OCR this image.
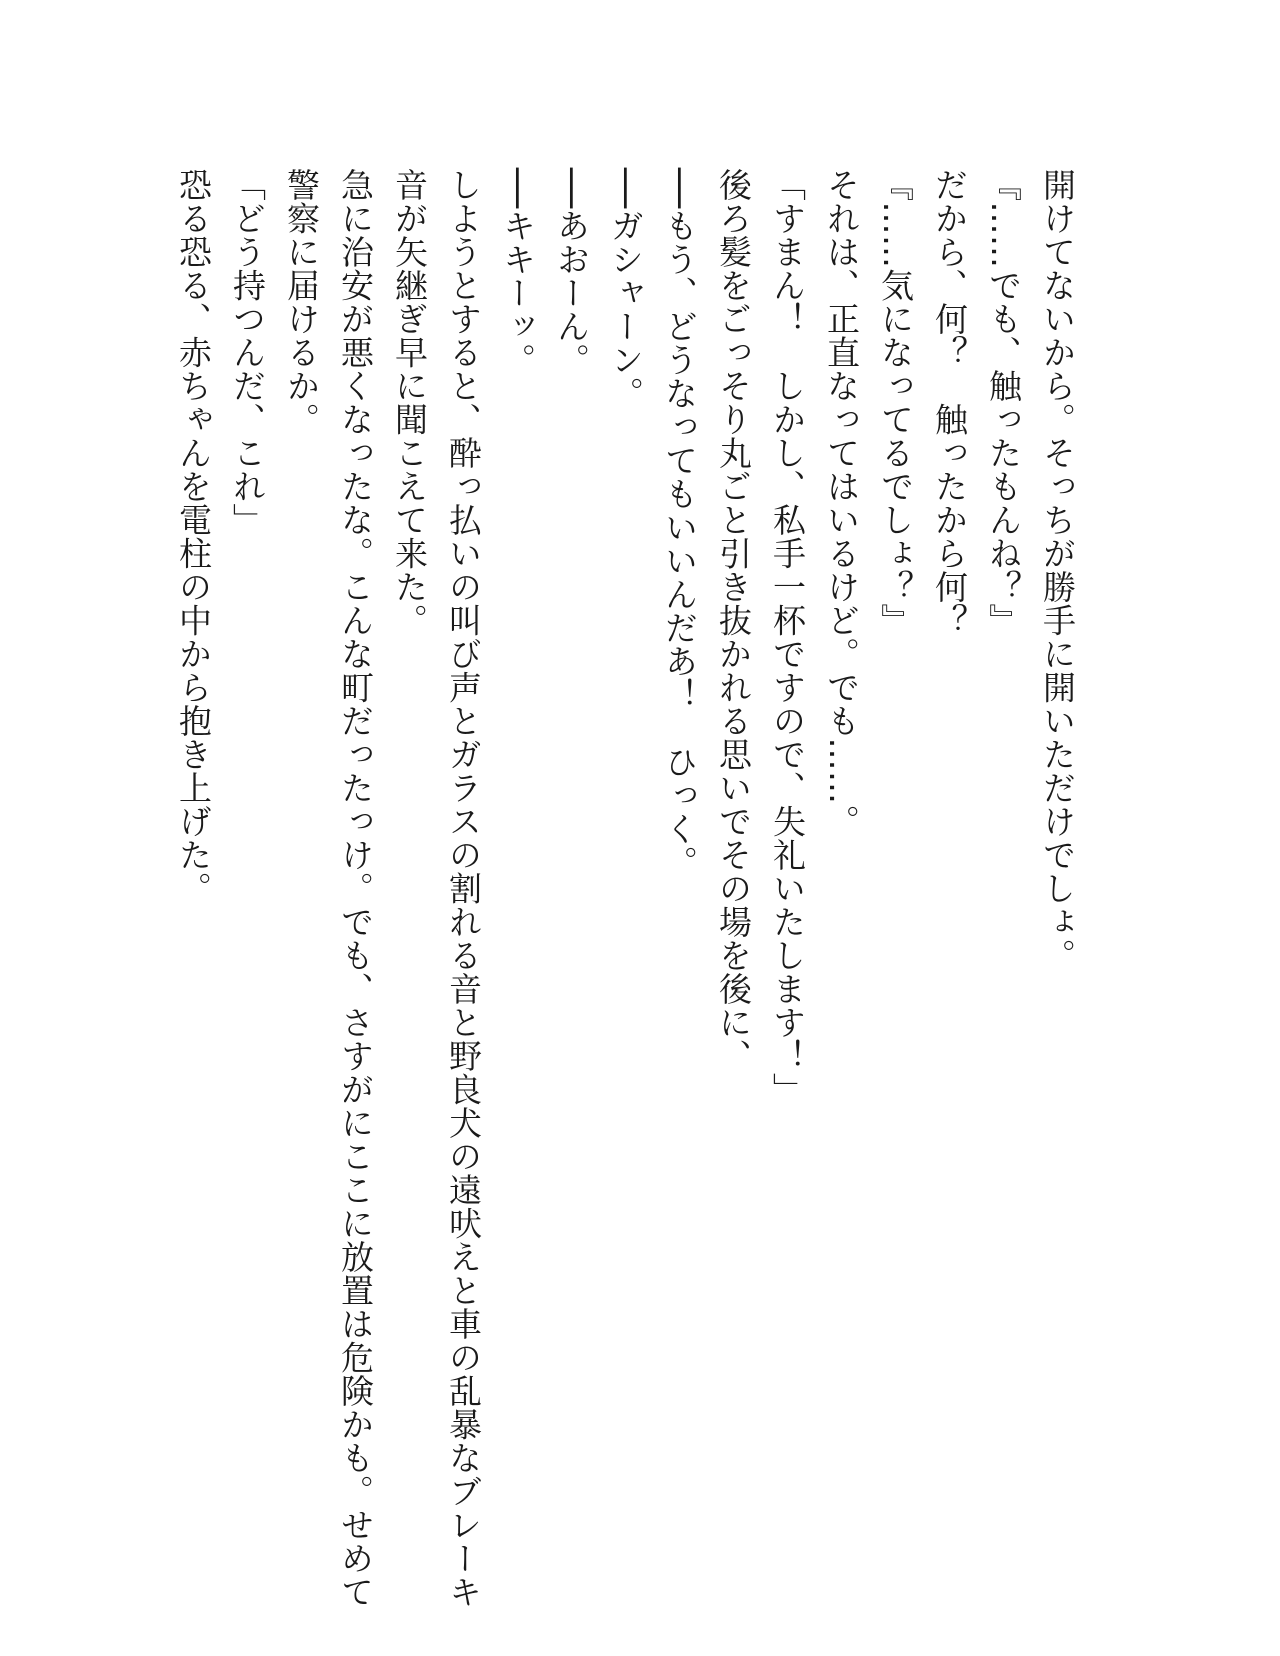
開けてないから。そっちが勝手に開いただけでしょ。

『……でも、触ったもんね？』

だから、何？　触ったから何？

『……気になってるでしょ？』

それは、正直なってはいるけど。でも……。

「すまん！　しかし、私手一杯ですので、失礼いたします！」

後ろ髪をごっそり丸ごと引き抜かれる思いでその場を後に、

──もう、どうなってもいいんだあ！　ひっく。

──ガシャーン。

──あおーん。

──キキーッ。

しようとすると、酔っ払いの叫び声とガラスの割れる音と野良犬の遠吠えと車の乱暴なブレーキ

音が矢継ぎ早に聞こえて来た。

急に治安が悪くなったな。こんな町だったっけ。でも、さすがにここに放置は危険かも。せめて

警察に届けるか。

「どう持つんだ、これ」

恐る恐る、赤ちゃんを電柱の中から抱き上げた。
